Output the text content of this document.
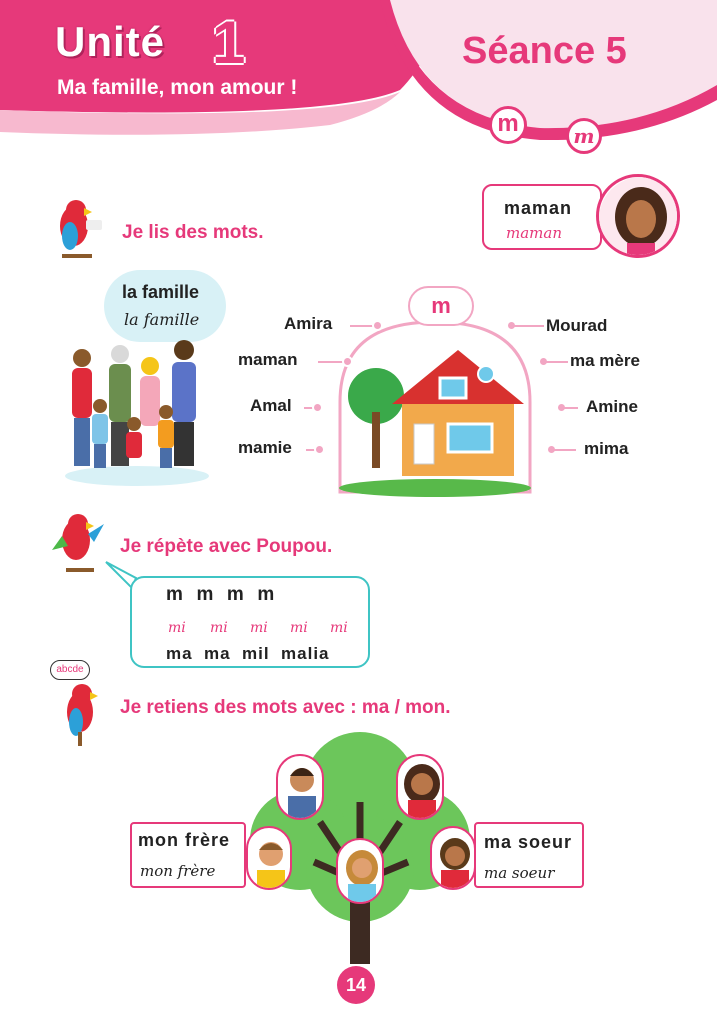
Unité 1
Ma famille, mon amour !
Séance 5
m	m
maman
maman
Je lis des mots.
la famille
la famille
m
Amira
maman
Amal
mamie
Mourad
ma mère
Amine
mima
Je répète avec Poupou.
m  m  m  m
mi mi mi mi mi
ma  ma  mil  malia
abcde
Je retiens des mots avec : ma / mon.
mon frère
mon frère
ma soeur
ma soeur
14
